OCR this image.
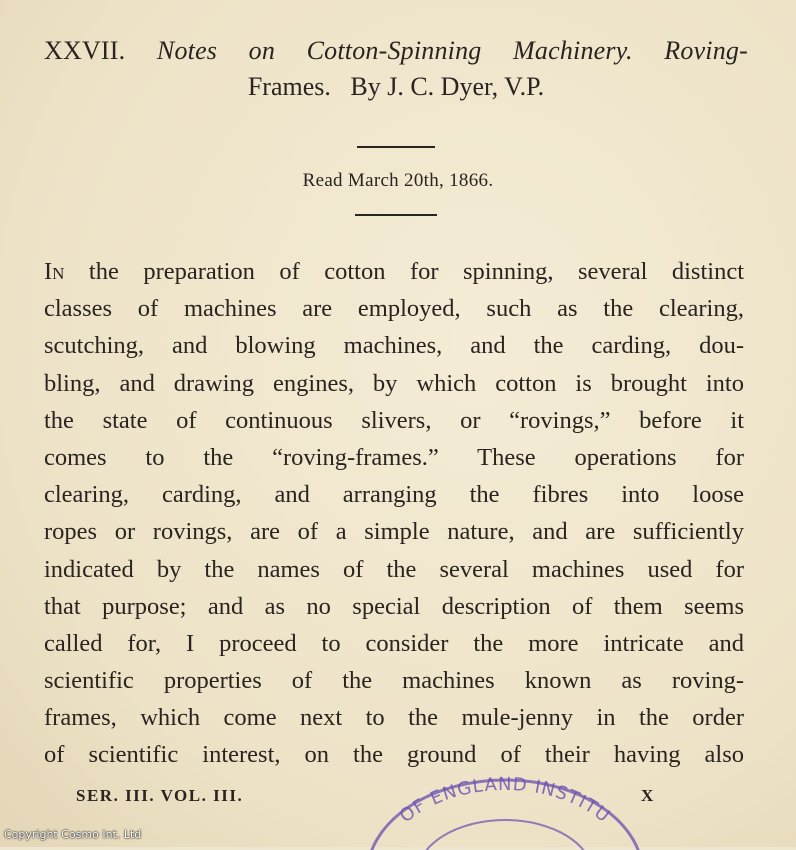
XXVII. Notes on Cotton-Spinning Machinery. Roving-
Frames. By J. C. Dyer, V.P.
Read March 20th, 1866.
In the preparation of cotton for spinning, several distinct
classes of machines are employed, such as the clearing,
scutching, and blowing machines, and the carding, dou-
bling, and drawing engines, by which cotton is brought into
the state of continuous slivers, or “rovings,” before it
comes to the “roving-frames.” These operations for
clearing, carding, and arranging the fibres into loose
ropes or rovings, are of a simple nature, and are sufficiently
indicated by the names of the several machines used for
that purpose; and as no special description of them seems
called for, I proceed to consider the more intricate and
scientific properties of the machines known as roving-
frames, which come next to the mule-jenny in the order
of scientific interest, on the ground of their having also
SER. III. VOL. III.	X
OF ENGLAND INSTITU
Copyright Cosmo Int. Ltd
